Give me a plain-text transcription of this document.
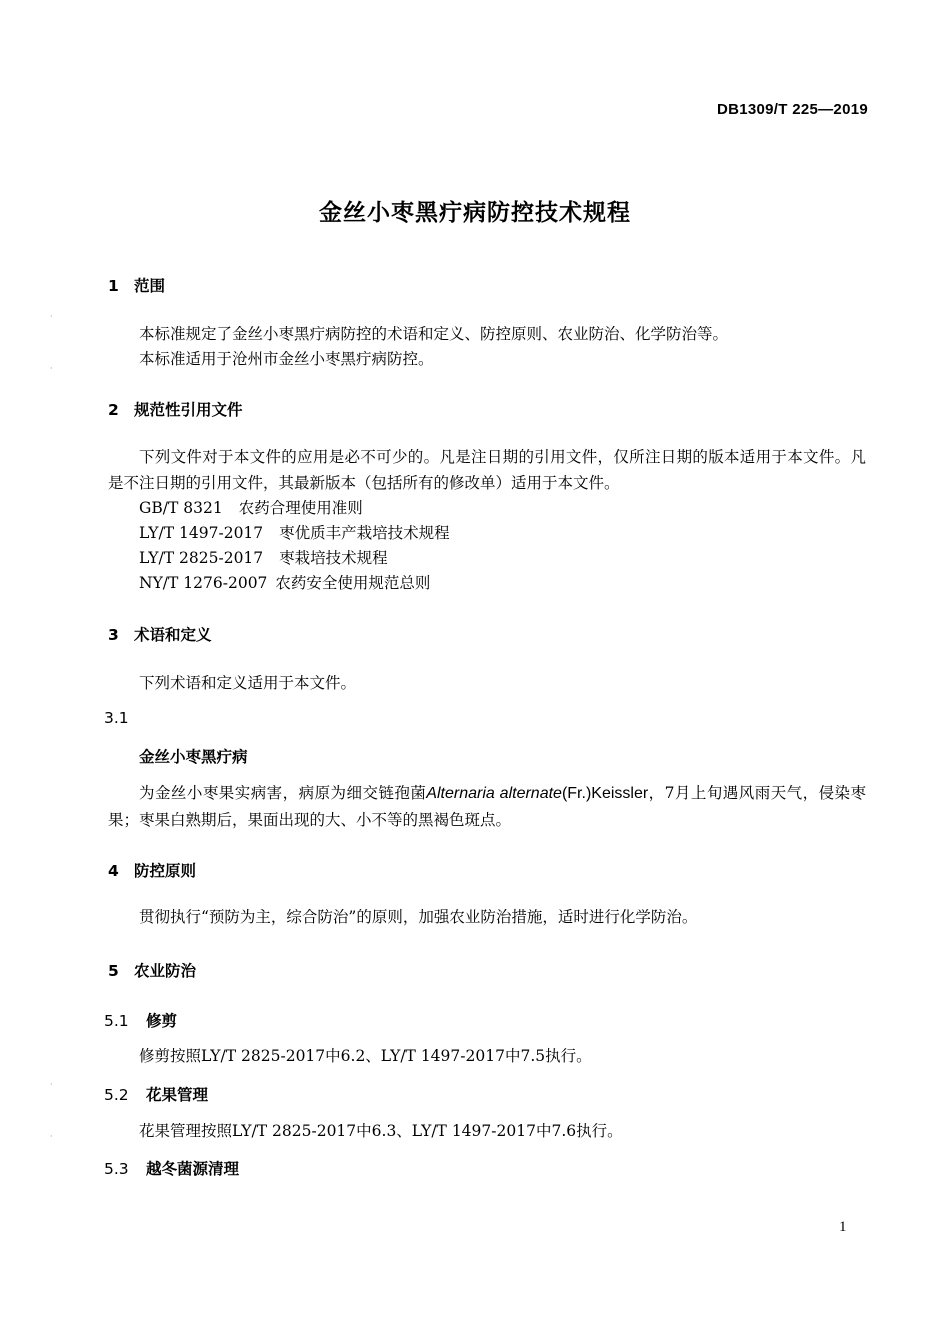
DB1309/T 225—2019
金丝小枣黑疔病防控技术规程
1 范围
·
本标准规定了金丝小枣黑疔病防控的术语和定义、防控原则、农业防治、化学防治等。
本标准适用于沧州市金丝小枣黑疔病防控。
·
2 规范性引用文件
下列文件对于本文件的应用是必不可少的。凡是注日期的引用文件，仅所注日期的版本适用于本文件。凡是不注日期的引用文件，其最新版本（包括所有的修改单）适用于本文件。
GB/T 8321 农药合理使用准则
LY/T 1497-2017 枣优质丰产栽培技术规程
LY/T 2825-2017 枣栽培技术规程
NY/T 1276-2007 农药安全使用规范总则
3 术语和定义
下列术语和定义适用于本文件。
3.1
金丝小枣黑疔病
为金丝小枣果实病害，病原为细交链孢菌Alternaria alternate(Fr.)Keissler，7月上旬遇风雨天气，侵染枣果；枣果白熟期后，果面出现的大、小不等的黑褐色斑点。
4 防控原则
贯彻执行“预防为主，综合防治”的原则，加强农业防治措施，适时进行化学防治。
5 农业防治
5.1 修剪
修剪按照LY/T 2825-2017中6.2、LY/T 1497-2017中7.5执行。
·
5.2 花果管理
花果管理按照LY/T 2825-2017中6.3、LY/T 1497-2017中7.6执行。
·
5.3 越冬菌源清理
1
